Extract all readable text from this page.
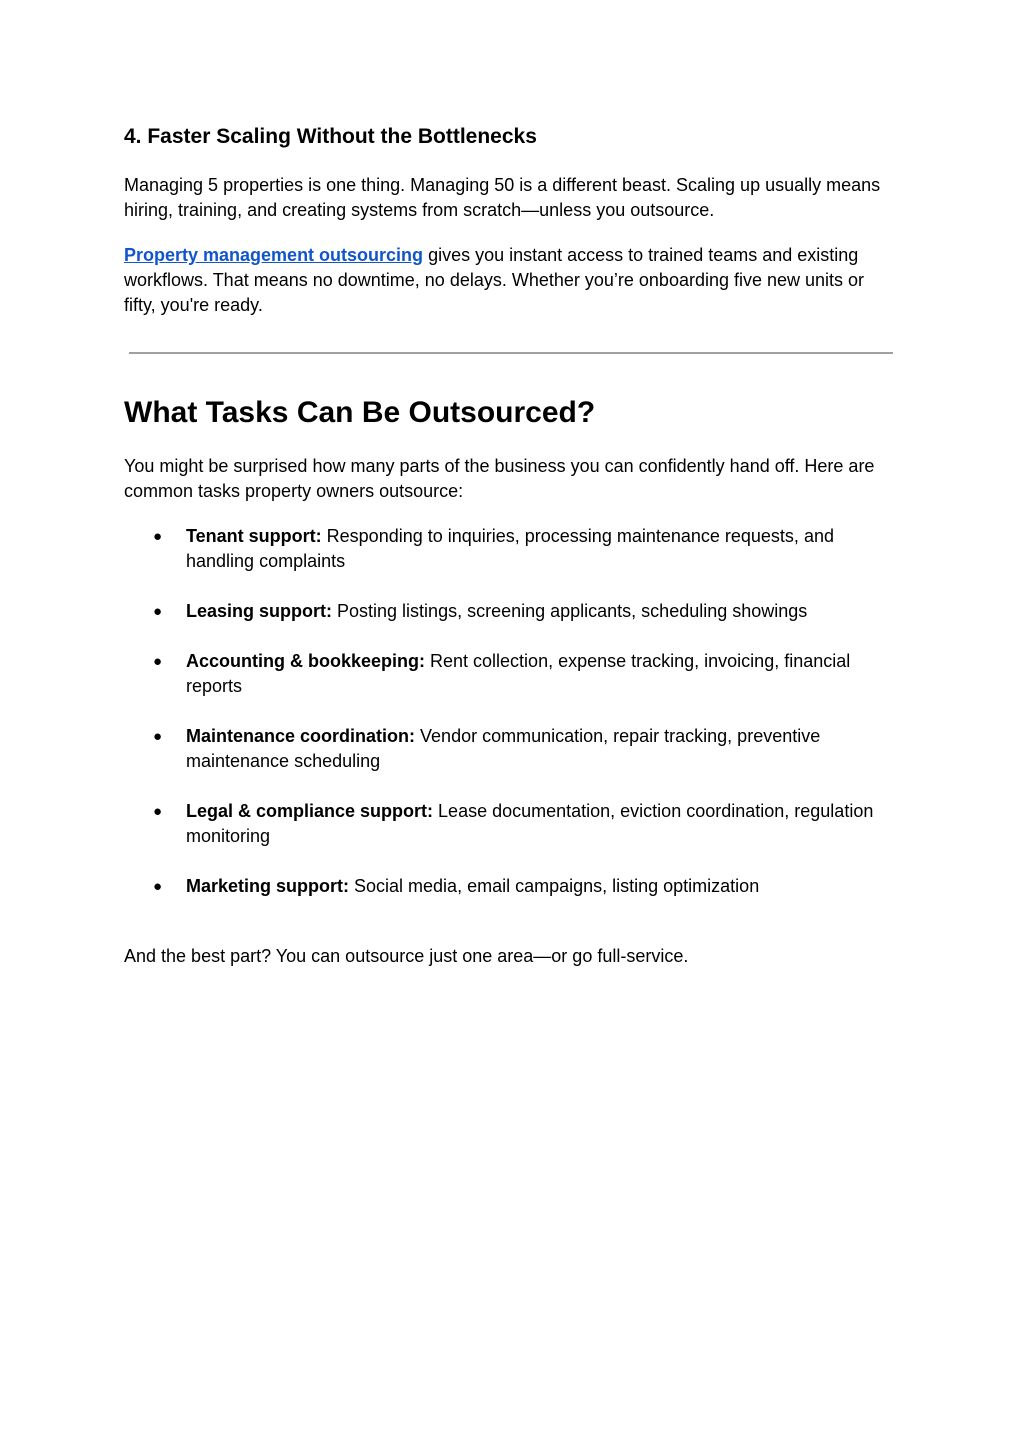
4. Faster Scaling Without the Bottlenecks

Managing 5 properties is one thing. Managing 50 is a different beast. Scaling up usually means hiring, training, and creating systems from scratch—unless you outsource.

Property management outsourcing gives you instant access to trained teams and existing workflows. That means no downtime, no delays. Whether you’re onboarding five new units or fifty, you're ready.

What Tasks Can Be Outsourced?

You might be surprised how many parts of the business you can confidently hand off. Here are common tasks property owners outsource:

● Tenant support: Responding to inquiries, processing maintenance requests, and handling complaints
● Leasing support: Posting listings, screening applicants, scheduling showings
● Accounting & bookkeeping: Rent collection, expense tracking, invoicing, financial reports
● Maintenance coordination: Vendor communication, repair tracking, preventive maintenance scheduling
● Legal & compliance support: Lease documentation, eviction coordination, regulation monitoring
● Marketing support: Social media, email campaigns, listing optimization

And the best part? You can outsource just one area—or go full-service.
